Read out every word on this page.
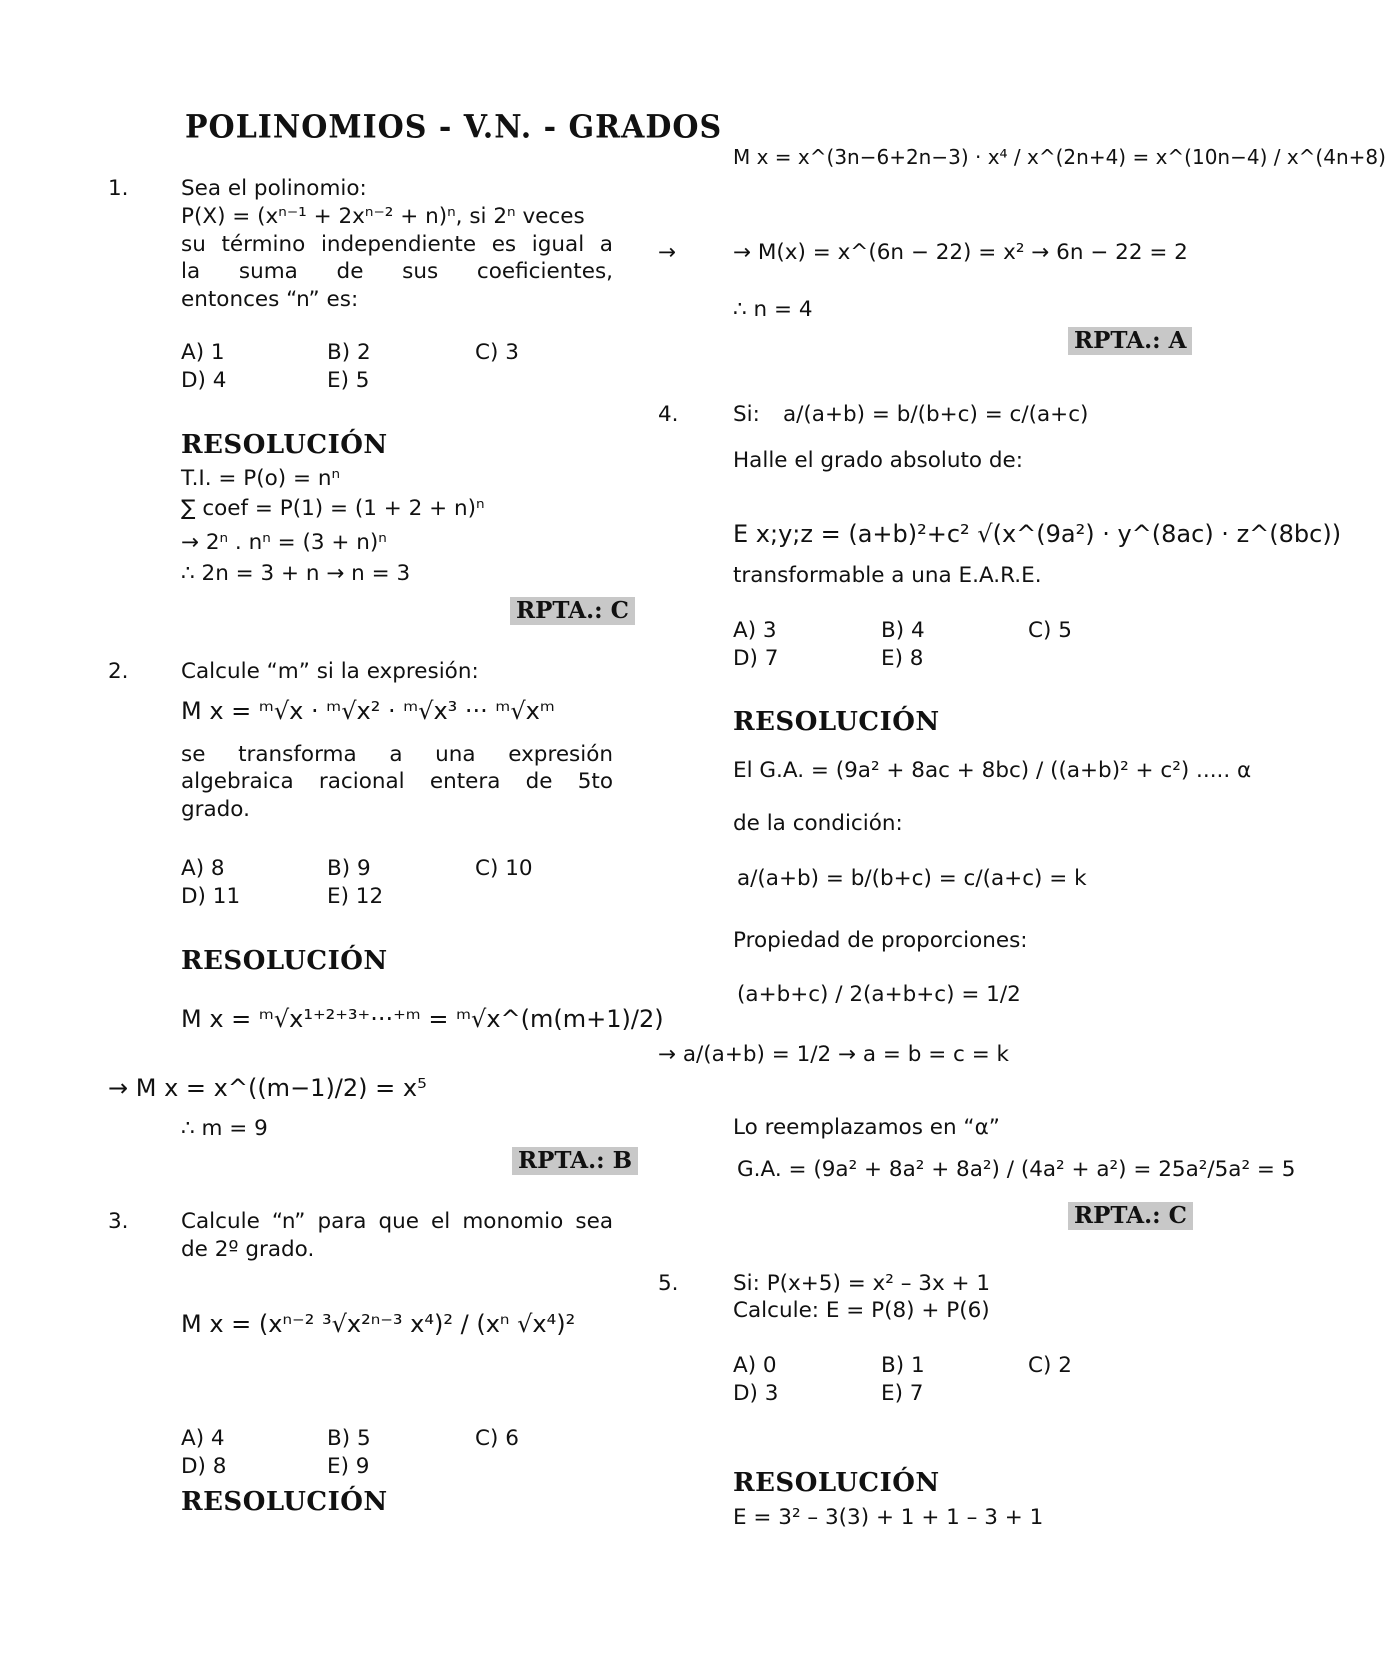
POLINOMIOS - V.N. - GRADOS
1. Sea el polinomio:
P(X) = (xⁿ⁻¹ + 2xⁿ⁻² + n)ⁿ, si 2ⁿ veces
su término independiente es igual a
la suma de sus coeficientes,
entonces “n” es:
A) 1	B) 2	C) 3
D) 4	E) 5
RESOLUCIÓN
T.I. = P(o) = nⁿ
∑ coef = P(1) = (1 + 2 + n)ⁿ
→ 2ⁿ . nⁿ = (3 + n)ⁿ
∴ 2n = 3 + n → n = 3
RPTA.: C
2. Calcule “m” si la expresión:
M x = ᵐ√x · ᵐ√x² · ᵐ√x³ ··· ᵐ√xᵐ
se transforma a una expresión
algebraica racional entera de 5to
grado.
A) 8	B) 9	C) 10
D) 11	E) 12
RESOLUCIÓN
M x = ᵐ√x¹⁺²⁺³⁺···⁺ᵐ = ᵐ√x^(m(m+1)/2)
→ M x = x^((m−1)/2) = x⁵
∴ m = 9
RPTA.: B
3. Calcule “n” para que el monomio sea
de 2º grado.
M x = (xⁿ⁻² ³√x²ⁿ⁻³ x⁴)² / (xⁿ √x⁴)²
A) 4	B) 5	C) 6
D) 8	E) 9
RESOLUCIÓN
M x = x^(3n−6+2n−3) · x⁴ / x^(2n+4) = x^(10n−4) / x^(4n+8)
→	→ M(x) = x^(6n − 22) = x² → 6n − 22 = 2
∴ n = 4
RPTA.: A
4.	Si: a/(a+b) = b/(b+c) = c/(a+c)
Halle el grado absoluto de:
E x;y;z = (a+b)²+c² √(x^(9a²) · y^(8ac) · z^(8bc))
transformable a una E.A.R.E.
A) 3	B) 4	C) 5
D) 7	E) 8
RESOLUCIÓN
El G.A. = (9a² + 8ac + 8bc) / ((a+b)² + c²) ..... α
de la condición:
a/(a+b) = b/(b+c) = c/(a+c) = k
Propiedad de proporciones:
(a+b+c) / 2(a+b+c) = 1/2
→ a/(a+b) = 1/2 → a = b = c = k
Lo reemplazamos en “α”
G.A. = (9a² + 8a² + 8a²) / (4a² + a²) = 25a²/5a² = 5
RPTA.: C
5.	Si: P(x+5) = x² – 3x + 1
Calcule: E = P(8) + P(6)
A) 0	B) 1	C) 2
D) 3	E) 7
RESOLUCIÓN
E = 3² – 3(3) + 1 + 1 – 3 + 1
